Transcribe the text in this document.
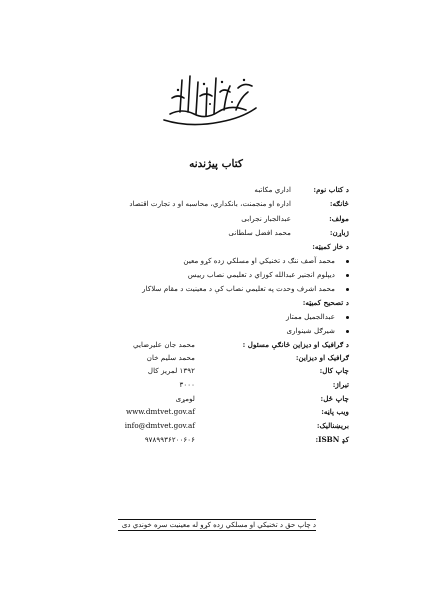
کتاب پیژندنه
د کتاب نوم:
اداري مکاتبه
څانګه:
اداره او منجمنت، بانکداري، محاسبه او د تجارت اقتصاد
مولف:
عبدالجبار نجرابی
ژباړن:
محمد افضل سلطانی
د خاز کمیټه:
محمد آصف ننګ د تخنیکي او مسلکي زده کړو معین
دیپلوم انجنیر عبدالله کوزاي د تعلیمي نصاب رییس
محمد اشرف وحدت په تعلیمي نصاب کې د معینیت د مقام سلاکار
د تصحیح کمیټه:
عبدالجمیل ممتاز
شیرګل شینواری
د ګرافیک او دیزاین څانګې مسئول :
محمد جان علیرضایي
ګرافیک او دیزاین:
محمد سلیم خان
چاپ کال:
۱۳۹۲ لمریز کال
تیراژ:
۳۰۰۰
چاپ ځل:
لومړی
ویب پاڼه:
www.dmtvet.gov.af
بریښنالیک:
info@dmtvet.gov.af
کډ ISBN:
۹۷۸۹۹۳۶۲۰۰۶۰۶
د چاپ حق د تخنیکي او مسلکي زده کړو له معینیت سره خوندي دی
